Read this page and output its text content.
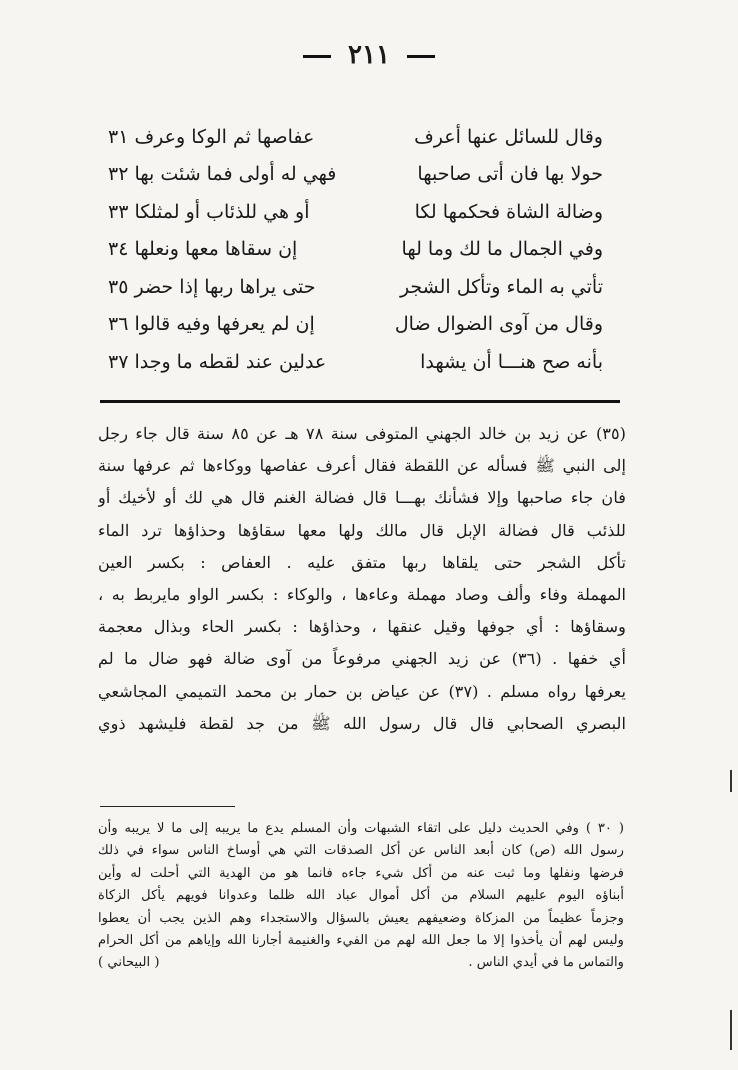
٢١١
وقال للسائل عنها أعرف
عفاصها ثم الوكا وعرف ٣١
حولا بها فان أتى صاحبها
فهي له أولى فما شئت بها ٣٢
وضالة الشاة فحكمها لكا
أو هي للذئاب أو لمثلكا ٣٣
وفي الجمال ما لك وما لها
إن سقاها معها ونعلها ٣٤
تأتي به الماء وتأكل الشجر
حتى يراها ربها إذا حضر ٣٥
وقال من آوى الضوال ضال
إن لم يعرفها وفيه قالوا ٣٦
بأنه صح هنـــا أن يشهدا
عدلين عند لقطه ما وجدا ٣٧

(٣٥) عن زيد بن خالد الجهني المتوفى سنة ٧٨ هـ عن ٨٥ سنة قال جاء رجل

إلى النبي ﷺ فسأله عن اللقطة فقال أعرف عفاصها ووكاءها ثم عرفها سنة

فان جاء صاحبها وإلا فشأنك بهـــا قال فضالة الغنم قال هي لك أو لأخيك أو

للذئب قال فضالة الإبل قال مالك ولها معها سقاؤها وحذاؤها ترد الماء

تأكل الشجر حتى يلقاها ربها متفق عليه . العفاص : بكسر العين

المهملة وفاء وألف وصاد مهملة وعاءها ، والوكاء : بكسر الواو مايربط به ،

وسقاؤها : أي جوفها وقيل عنقها ، وحذاؤها : بكسر الحاء وبذال معجمة

أي خفها . (٣٦) عن زيد الجهني مرفوعاً من آوى ضالة فهو ضال ما لم

يعرفها رواه مسلم . (٣٧) عن عياض بن حمار بن محمد التميمي المجاشعي

البصري الصحابي قال قال رسول الله ﷺ من جد لقطة فليشهد ذوي

( ٣٠ ) وفي الحديث دليل على اتقاء الشبهات وأن المسلم يدع ما يريبه إلى ما لا يريبه وأن

رسول الله (ص) كان أبعد الناس عن أكل الصدقات التي هي أوساخ الناس سواء في ذلك

فرضها ونفلها وما ثبت عنه من أكل شيء جاءه فانما هو من الهدية التي أحلت له وأين

أبناؤه اليوم عليهم السلام من أكل أموال عباد الله ظلما وعدوانا فويهم يأكل الزكاة

وجزماً عظيماً من المزكاة وضعيفهم يعيش بالسؤال والاستجداء وهم الذين يجب أن يعطوا

وليس لهم أن يأخذوا إلا ما جعل الله لهم من الفيء والغنيمة أجارنا الله وإياهم من أكل الحرام

والتماس ما في أيدي الناس .
( البيحاني )
